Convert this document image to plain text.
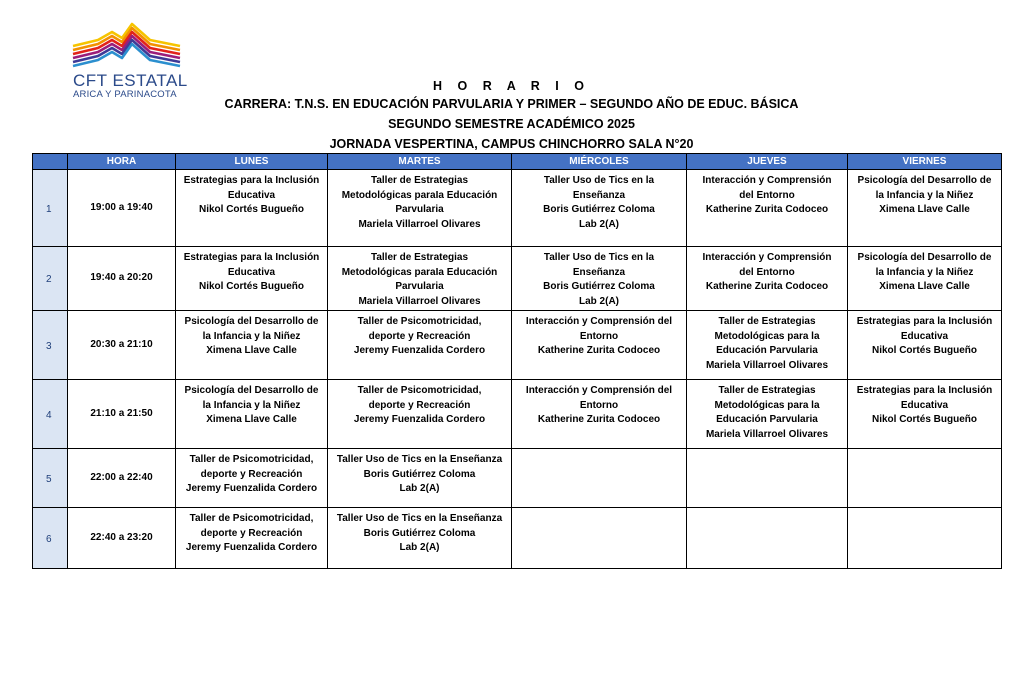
CFT ESTATAL
ARICA Y PARINACOTA
H O R A R I O
CARRERA: T.N.S. EN EDUCACIÓN PARVULARIA Y PRIMER – SEGUNDO AÑO DE EDUC. BÁSICA
SEGUNDO SEMESTRE ACADÉMICO 2025
JORNADA VESPERTINA, CAMPUS CHINCHORRO SALA N°20
	HORA	LUNES	MARTES	MIÉRCOLES	JUEVES	VIERNES
1	19:00 a 19:40	Estrategias para la Inclusión
Educativa
Nikol Cortés Bugueño	Taller de Estrategias
Metodológicas paraIa Educación
Parvularia
Mariela Villarroel Olivares	Taller Uso de Tics en la
Enseñanza
Boris Gutiérrez Coloma
Lab 2(A)	Interacción y Comprensión
del Entorno
Katherine Zurita Codoceo	Psicología del Desarrollo de
la Infancia y la Niñez
Ximena Llave Calle

2	19:40 a 20:20	Estrategias para la Inclusión
Educativa
Nikol Cortés Bugueño	Taller de Estrategias
Metodológicas paraIa Educación
Parvularia
Mariela Villarroel Olivares	Taller Uso de Tics en la
Enseñanza
Boris Gutiérrez Coloma
Lab 2(A)	Interacción y Comprensión
del Entorno
Katherine Zurita Codoceo	Psicología del Desarrollo de
la Infancia y la Niñez
Ximena Llave Calle

3	20:30 a 21:10	Psicología del Desarrollo de
la Infancia y la Niñez
Ximena Llave Calle	Taller de Psicomotricidad,
deporte y Recreación
Jeremy Fuenzalida Cordero	Interacción y Comprensión del
Entorno
Katherine Zurita Codoceo	Taller de Estrategias
Metodológicas para la
Educación Parvularia
Mariela Villarroel Olivares	Estrategias para la Inclusión
Educativa
Nikol Cortés Bugueño

4	21:10 a 21:50	Psicología del Desarrollo de
la Infancia y la Niñez
Ximena Llave Calle	Taller de Psicomotricidad,
deporte y Recreación
Jeremy Fuenzalida Cordero	Interacción y Comprensión del
Entorno
Katherine Zurita Codoceo	Taller de Estrategias
Metodológicas para la
Educación Parvularia
Mariela Villarroel Olivares	Estrategias para la Inclusión
Educativa
Nikol Cortés Bugueño

5	22:00 a 22:40	Taller de Psicomotricidad,
deporte y Recreación
Jeremy Fuenzalida Cordero	Taller Uso de Tics en la Enseñanza
Boris Gutiérrez Coloma
Lab 2(A)			

6	22:40 a 23:20	Taller de Psicomotricidad,
deporte y Recreación
Jeremy Fuenzalida Cordero	Taller Uso de Tics en la Enseñanza
Boris Gutiérrez Coloma
Lab 2(A)			
